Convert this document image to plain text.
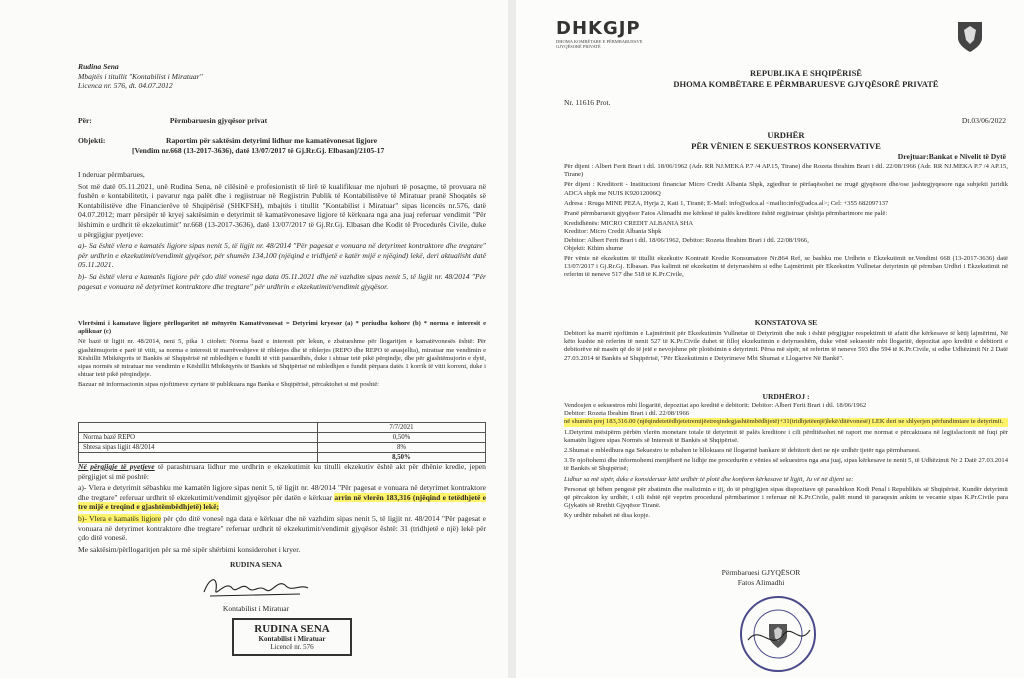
Rudina Sena
Mbajtës i titullit "Kontabilist i Miratuar"
Licenca nr. 576, dt. 04.07.2012
Për:	Përmbaruesin gjyqësor privat
Objekti:	Raportim për saktësim detyrimi lidhur me kamatëvonesat ligjore
[Vendim nr.668 (13-2017-3636), datë 13/07/2017 të Gj.Rr.Gj. Elbasan]/2105-17

I nderuar përmbarues,

Sot më datë 05.11.2021, unë Rudina Sena, në cilësinë e profesionistit të lirë të kualifikuar me njohuri të posaçme, të provuara në fushën e kontabilitetit, i pavarur nga palët dhe i regjistruar në Regjistrin Publik të Kontabilistëve të Miratuar pranë Shoqatës së Kontabilistëve dhe Financierëve të Shqipërisë (SHKFSH), mbajtës i titullit "Kontabilist i Miratuar" sipas licencës nr.576, datë 04.07.2012; marr përsipër të kryej saktësimin e detyrimit të kamatëvonesave ligjore të kërkuara nga ana juaj referuar vendimit "Për lëshimin e urdhrit të ekzekutimit" nr.668 (13-2017-3636), datë 13/07/2017 të Gj.Rr.Gj. Elbasan dhe Kodit të Procedurës Civile, duke u përgjigjur pyetjeve:

a)- Sa është vlera e kamatës ligjore sipas nenit 5, të ligjit nr. 48/2014 "Për pagesat e vonuara në detyrimet kontraktore dhe tregtare" për urdhrin e ekzekutimit/vendimit gjyqësor, për shumën 134,100 (njëqind e tridhjetë e katër mijë e njëqind) lekë, deri aktualisht datë 05.11.2021.

b)- Sa është vlera e kamatës ligjore për çdo ditë vonesë nga data 05.11.2021 dhe në vazhdim sipas nenit 5, të ligjit nr. 48/2014 "Për pagesat e vonuara në detyrimet kontraktore dhe tregtare" për urdhrin e ekzekutimit/vendimit gjyqësor.

Vlerësimi i kamatave ligjore përllogaritet në mënyrën Kamatëvonesat = Detyrimi kryesor (a) * periudha kohore (b) * norma e interesit e aplikuar (c)

Në bazë të ligjit nr. 48/2014, neni 5, pika 1 citohet: Norma bazë e interesit për lekun, e zbatueshme për llogaritjen e kamatëvonesës është: Për gjashtëmujorin e parë të vitit, sa norma e interesit të marrëveshjeve të riblerjes dhe të riblerjes (REPO dhe REPO të anasjellta), miratuar me vendimin e Këshillit Mbikëqyrës të Bankës së Shqipërisë në mbledhjen e fundit të vitit paraardhës, duke i shtuar tetë pikë përqindje, dhe për gjashtëmujorin e dytë, sipas normës së miratuar me vendimin e Këshillit Mbikëqyrës të Bankës së Shqipërisë në mbledhjen e fundit përpara datës 1 korrik të vitit korrent, duke i shtuar tetë pikë përqindjeje.

Bazuar në informacionin sipas njoftimeve zyrtare të publikuara nga Banka e Shqipërisë, përcaktohet si më poshtë:

	7/7/2021
Norma bazë REPO	0,50%
Shtesa sipas ligjit 48/2014	8%
	8,50%

Në përgjigje të pyetjeve të parashtruara lidhur me urdhrin e ekzekutimit ku titulli ekzekutiv është akt për dhënie kredie, jepen përgjigjet si më poshtë:

a)- Vlera e detyrimit sëbashku me kamatën ligjore sipas nenit 5, të ligjit nr. 48/2014 "Për pagesat e vonuara në detyrimet kontraktore dhe tregtare" referuar urdhrit të ekzekutimit/vendimit gjyqësor për datën e kërkuar arrin në vlerën 183,316 (njëqind e tetëdhjetë e tre mijë e treqind e gjashtëmbëdhjetë) lekë;

b)- Vlera e kamatës ligjore për çdo ditë vonesë nga data e kërkuar dhe në vazhdim sipas nenit 5, të ligjit nr. 48/2014 "Për pagesat e vonuara në detyrimet kontraktore dhe tregtare" referuar urdhrit të ekzekutimit/vendimit gjyqësor është: 31 (tridhjetë e një) lekë për çdo ditë vonesë.

Me saktësim/përllogaritjen për sa më sipër shërbimi konsiderohet i kryer.

RUDINA SENA
Kontabilist i Miratuar
RUDINA SENA
Kontabilist i Miratuar
Licencë nr. 576
DHKGJP
DHOMA KOMBËTARE E PËRMBARUESVE GJYQËSORË PRIVATË
REPUBLIKA E SHQIPËRISË
DHOMA KOMBËTARE E PËRMBARUESVE GJYQËSORË PRIVATË
Nr. 11616 Prot.
Dt.03/06/2022
URDHËR
PËR VËNIEN E SEKUESTROS KONSERVATIVE
Drejtuar:Bankat e Nivelit të Dytë

Për dijeni : Albert Ferit Brari i dtl. 18/06/1962 (Adr. RR NJ.MEKA P.7 /4 AP.15, Tirane) dhe Rozeta Ibrahim Brari i dtl. 22/08/1966 (Adr. RR NJ.MEKA P.7 /4 AP.15, Tirane)

Për dijeni : Kreditorit - Institucioni financiar Micro Credit Albania Shpk, zgjedhur te përfaqësohet ne rrugë gjyqësore dhe/ose jashtegjyqesore nga subjekti juridik ADCA shpk me NUIS K92012006Q

Adresa : Rruga MINE PEZA, Hyrja 2, Kati 1, Tiranë; E-Mail: info@adca.al <mailto:info@adca.al>; Cel: +355 682097137

Pranë përmbaruesit gjyqësor Fatos Alimadhi me kërkesë të palës kreditore është regjistruar çështja përmbarimore me palë:

Kredidhënës: MICRO CREDIT ALBANIA SHA

Kreditor: Micro Credit Albania Shpk

Debitor: Albert Ferit Brari i dtl. 18/06/1962, Debitor: Rozeta Ibrahim Brari i dtl. 22/08/1966,

Objekti: Kthim shume

Për vënie në ekzekutim të titullit ekzekutiv Kontratë Kredie Konsumatore Nr.864 Ref, se bashku me Urdhrin e Ekzekutimit nr.Vendimi 668 (13-2017-3636) datë 13/07/2017 i Gj.Rr.Gj. Elbasan. Pas kalimit në ekzekutim të detyrueshëm si edhe Lajmërimit për Ekzekutim Vullnetar detyrimin që përmban Urdhri i Ekzekutimit në referim të neneve 517 dhe 518 të K.Pr.Civile,

KONSTATOVA SE
Debitori ka marrë njoftimin e Lajmërimit për Ekzekutimin Vullnetar të Detyrimit dhe nuk i është përgjigjur respektimit të afatit dhe kërkesave të këtij lajmërimi, Në këto kushte në referim të nenit 527 të K.Pr.Civile duhet të filloj ekzekutimin e detyrueshëm, duke vënë sekuestër mbi llogaritë, depozitat apo kreditë e debitorit e debitorëve në masën që do të jetë e nevojshme për plotësimin e detyrimit. Përsa më sipër, në referim të neneve 593 dhe 594 të K.Pr.Civile, si edhe Udhëzimit Nr 2 Datë 27.03.2014 të Bankës së Shqipërisë, "Për Ekzekutimin e Detyrimeve Mbi Shumat e Llogarive Në Bankë".
URDHËROJ :

Vendosjen e sekuestros mbi llogaritë, depozitat apo kreditë e debitorit: Debitor: Albert Ferit Brari i dtl. 18/06/1962

Debitor: Rozeta Ibrahim Brari i dtl. 22/08/1966

në shumën prej 183,316.00 (njëqindetetëdhjetetremijëetreqindegjashtëmbëdhjetë)+31(tridhjetëenjë)lekë/ditëvonesë) LEK deri ne shlyerjen përfundimtare te detyrimit.

1.Detyrimi mësipërm përbën vlerën monetare totale të detyrimit të palës kreditore i cili përditësohet në raport me normat e përcaktuara në legjislacionit në fuqi për kamatën ligjore sipas Normës së Interesit të Bankës së Shqipërisë.

2.Shumat e mbledhura nga Sekuestro te mbahen te bllokuara në llogarinë bankare të debitorit deri ne nje urdhër tjetër nga përmbaruesi.

3.Te njoftohemi dhe informohemi menjëherë ne lidhje me procedurën e vënies së sekuestros nga ana juaj, sipas kërkesave te nenit 5, të Udhëzimit Nr 2 Datë 27.03.2014 të Bankës së Shqipërisë;

Lidhur sa më sipër, duke e konsideruar këtë urdhër të plotë dhe konform kërkesave të ligjit, Ju vë në dijeni se:

Personat që bëhen pengesë për zbatimin dhe realizimin e tij, do të përgjigjen sipas dispozitave që parashikon Kodi Penal i Republikës së Shqipërisë. Kundër detyrimit që përcakton ky urdhër, i cili është një veprim procedural përmbarimor i referuar në K.Pr.Civile, palët mund të paraqesin ankim te vecante sipas K.Pr.Civile para Gjykatës së Rrethit Gjyqësor Tiranë.

Ky urdhër mbahet në disa kopje.

Përmbaruesi GJYQËSOR
Fatos Alimadhi
